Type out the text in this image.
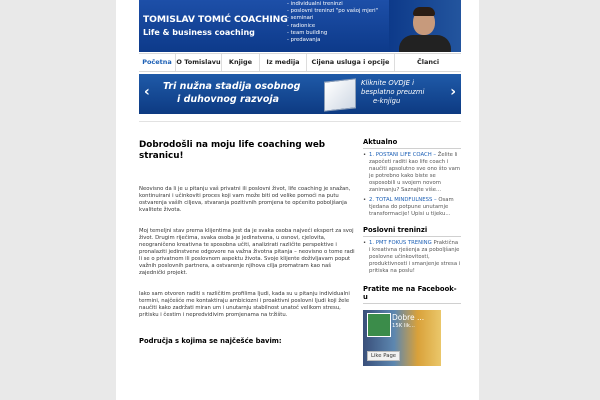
TOMISLAV TOMIĆ COACHING
Life & business coaching
- individualni treninzi
- poslovni treninzi "po vašoj mjeri"
- seminari
- radionice
- team building
- predavanja
Početna O Tomislavu	Knjige	Iz medija	Cijena usluga i opcije	Članci
‹ Tri nužna stadija osobnog
i duhovnog razvoja
Kliknite OVDJE i
besplatno preuzmi
e-knjigu
›
Dobrodošli na moju life coaching web stranicu!

Neovisno da li je u pitanju vaš privatni ili poslovni život, life coaching je snažan, kontinuirani i učinkoviti proces koji vam može biti od velike pomoći na putu ostvarenja vaših ciljeva, stvaranja pozitivnih promjena te općenito poboljšanja kvalitete života.

Moj temeljni stav prema klijentima jest da je svaka osoba najveći ekspert za svoj život. Drugim riječima, svaka osoba je jedinstvena, u osnovi, cjelovita, neograničeno kreativna te sposobna učiti, analizirati različite perspektive i pronalaziti jedinstvene odgovore na važna životna pitanja – neovisno o tome radi li se o privatnom ili poslovnom aspektu života. Svoje klijente doživljavam poput važnih poslovnih partnera, a ostvarenje njihova cilja promatram kao naš zajednički projekt.

Iako sam otvoren raditi s različitim profilima ljudi, kada su u pitanju individualni termini, najčešće me kontaktiraju ambiciozni i proaktivni poslovni ljudi koji žele naučiti kako zadržati miran um i unutarnju stabilnost unatoč velikom stresu, pritisku i čestim i nepredvidivim promjenama na tržištu.

Područja s kojima se najčešće bavim:
Aktualno
• 1. POSTANI LIFE COACH – Želite li započeti raditi kao life coach i naučiti apsolutno sve ono što vam je potrebno kako biste se osposobili u svojem novom zanimanju? Saznajte više...
• 2. TOTAL MINDFULNESS – Osam tjedana do potpune unutarnje transformacije! Upisi u tijeku...
Poslovni treninzi
• 1. PMT FOKUS TRENING Praktična i kreativna rješenja za poboljšanje poslovne učinkovitosti, produktivnosti i smanjenje stresa i pritiska na poslu!
Pratite me na Facebook-u
Dobre ...
15K lik...
Like Page
